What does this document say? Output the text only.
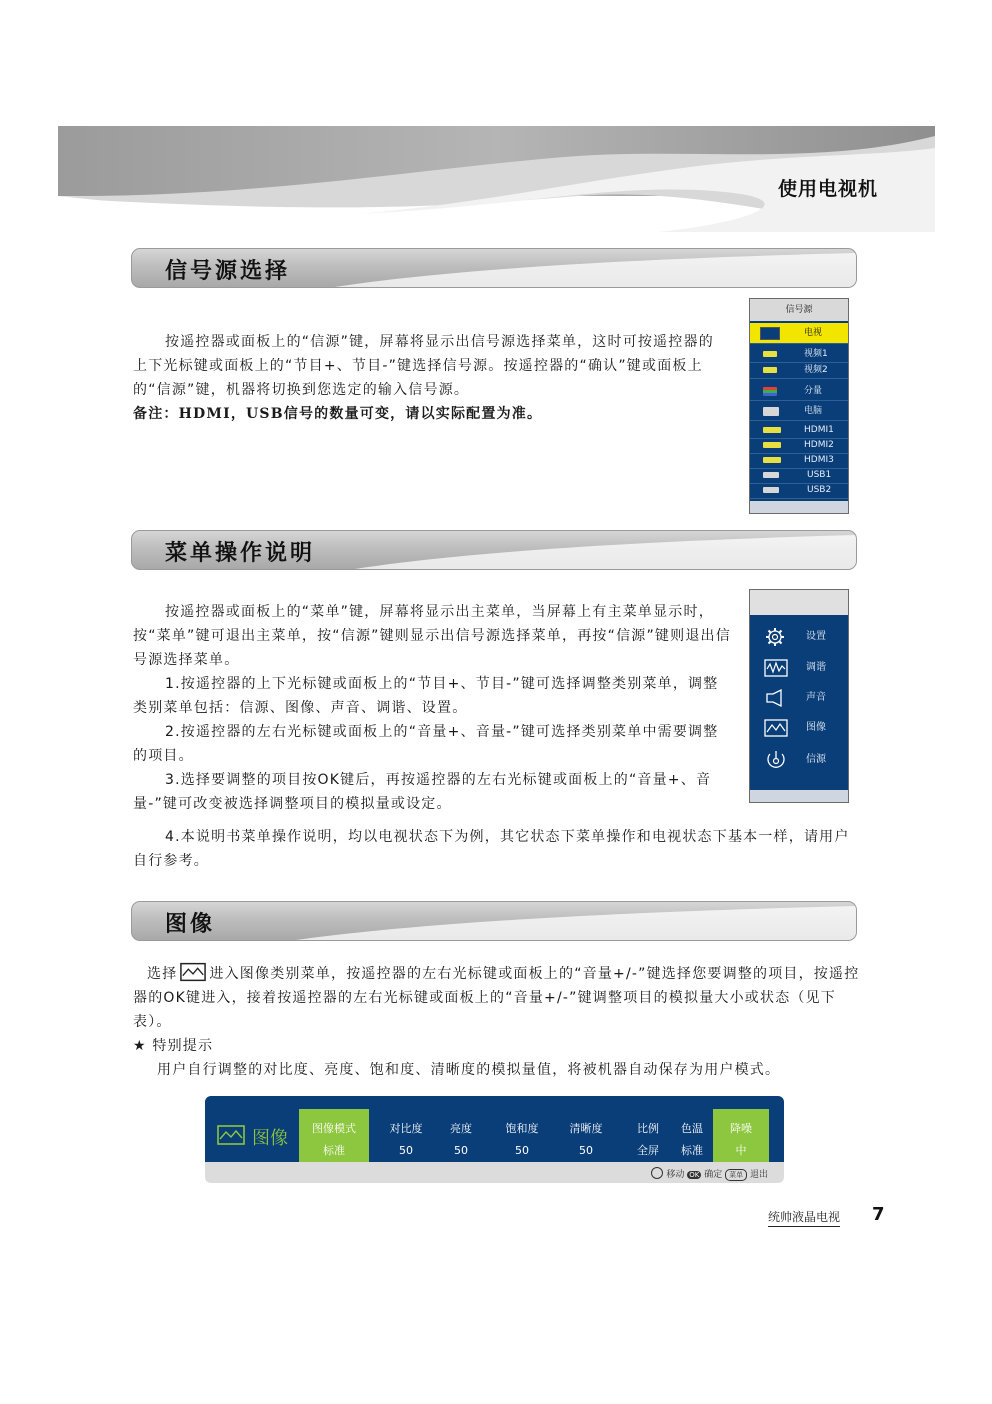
使用电视机
信号源选择

按遥控器或面板上的“信源”键，屏幕将显示出信号源选择菜单，这时可按遥控器的上下光标键或面板上的“节目+、节目-”键选择信号源。按遥控器的“确认”键或面板上的“信源”键，机器将切换到您选定的输入信号源。

备注：HDMI，USB信号的数量可变，请以实际配置为准。

信号源
电视
视频1
视频2
分量
电脑
HDMI1
HDMI2
HDMI3
USB1
USB2
菜单操作说明

按遥控器或面板上的“菜单”键，屏幕将显示出主菜单，当屏幕上有主菜单显示时，按“菜单”键可退出主菜单，按“信源”键则显示出信号源选择菜单，再按“信源”键则退出信号源选择菜单。

1.按遥控器的上下光标键或面板上的“节目+、节目-”键可选择调整类别菜单，调整类别菜单包括：信源、图像、声音、调谐、设置。

2.按遥控器的左右光标键或面板上的“音量+、音量-”键可选择类别菜单中需要调整的项目。

3.选择要调整的项目按OK键后，再按遥控器的左右光标键或面板上的“音量+、音量-”键可改变被选择调整项目的模拟量或设定。

4.本说明书菜单操作说明，均以电视状态下为例，其它状态下菜单操作和电视状态下基本一样，请用户自行参考。

设置
调谐
声音
图像
信源
图像

选择 进入图像类别菜单，按遥控器的左右光标键或面板上的“音量+/-”键选择您要调整的项目，按遥控器的OK键进入，接着按遥控器的左右光标键或面板上的“音量+/-”键调整项目的模拟量大小或状态（见下表）。

★ 特别提示

用户自行调整的对比度、亮度、饱和度、清晰度的模拟量值，将被机器自动保存为用户模式。

图像	图像模式
标准
对比度
50
亮度
50
饱和度
50
清晰度
50
比例
全屏
色温
标准
降噪
中
移动 OK 确定 菜单 退出
统帅液晶电视 7
